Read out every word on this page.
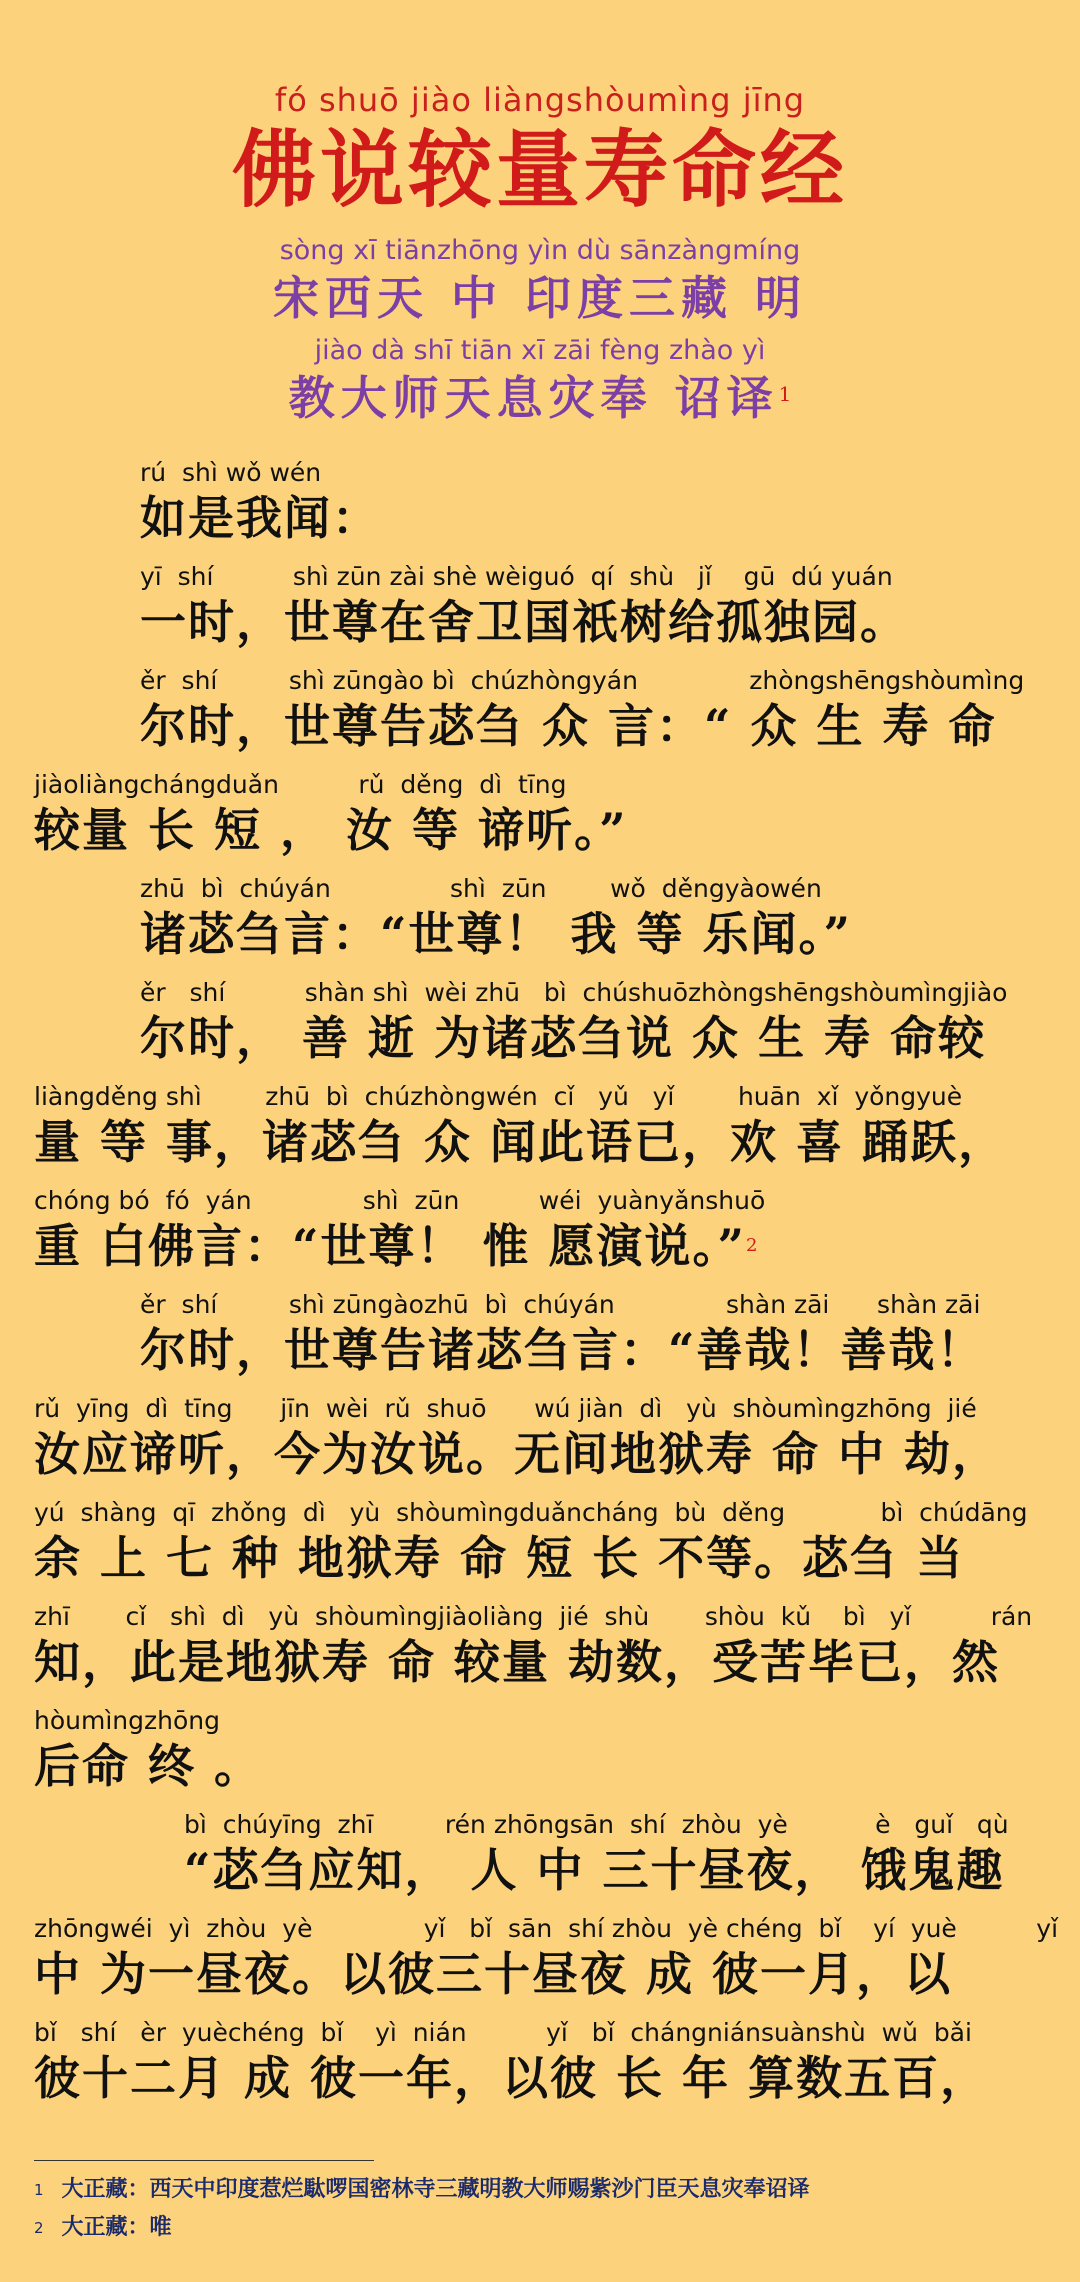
fó shuō jiào liàngshòumìng jīng
佛说较量寿命经
sòng xī tiānzhōng yìn dù sānzàngmíng
宋西天 中 印度三藏 明
jiào dà shī tiān xī zāi fèng zhào yì
教大师天息灾奉 诏译$^1$
rú  shì wǒ wén
如是我闻：
yī  shí          shì zūn zài shè wèiguó  qí  shù   jǐ    gū  dú yuán
一时，世尊在舍卫国祇树给孤独园。
ěr  shí         shì zūngào bì  chúzhòngyán              zhòngshēngshòumìng
尔时，世尊告苾刍 众 言：“ 众 生 寿 命
jiàoliàngchángduǎn          rǔ  děng  dì  tīng
较量 长 短 ， 汝 等 谛听。”
zhū  bì  chúyán               shì  zūn        wǒ  děngyàowén
诸苾刍言：“世尊！ 我 等 乐闻。”
ěr   shí          shàn shì  wèi zhū   bì  chúshuōzhòngshēngshòumìngjiào
尔时， 善 逝 为诸苾刍说 众 生 寿 命较
liàngděng shì        zhū  bì  chúzhòngwén  cǐ   yǔ   yǐ        huān  xǐ  yǒngyuè
量 等 事，诸苾刍 众 闻此语已，欢 喜 踊跃，
chóng bó  fó  yán              shì  zūn          wéi  yuànyǎnshuō
重 白佛言：“世尊！ 惟 愿演说。”$^2$
ěr  shí         shì zūngàozhū  bì  chúyán              shàn zāi      shàn zāi
尔时，世尊告诸苾刍言：“善哉！善哉！
rǔ  yīng  dì  tīng      jīn  wèi  rǔ  shuō      wú jiàn  dì   yù  shòumìngzhōng  jié
汝应谛听，今为汝说。无间地狱寿 命 中 劫，
yú  shàng  qī  zhǒng  dì   yù  shòumìngduǎncháng  bù  děng            bì  chúdāng
余 上 七 种 地狱寿 命 短 长 不等。苾刍 当
zhī       cǐ   shì  dì   yù  shòumìngjiàoliàng  jié  shù       shòu  kǔ    bì   yǐ          rán
知，此是地狱寿 命 较量 劫数，受苦毕已，然
hòumìngzhōng
后命 终 。
bì  chúyīng  zhī         rén zhōngsān  shí  zhòu  yè           è   guǐ   qù
“苾刍应知， 人 中 三十昼夜， 饿鬼趣
zhōngwéi  yì  zhòu  yè              yǐ   bǐ  sān  shí zhòu  yè chéng  bǐ    yí  yuè          yǐ
中 为一昼夜。以彼三十昼夜 成 彼一月，以
bǐ   shí   èr  yuèchéng  bǐ    yì  nián          yǐ   bǐ  chángniánsuànshù  wǔ  bǎi
彼十二月 成 彼一年，以彼 长 年 算数五百，
$^1$ 大正藏：西天中印度惹烂駄啰国密林寺三藏明教大师赐紫沙门臣天息灾奉诏译
$^2$ 大正藏：唯
